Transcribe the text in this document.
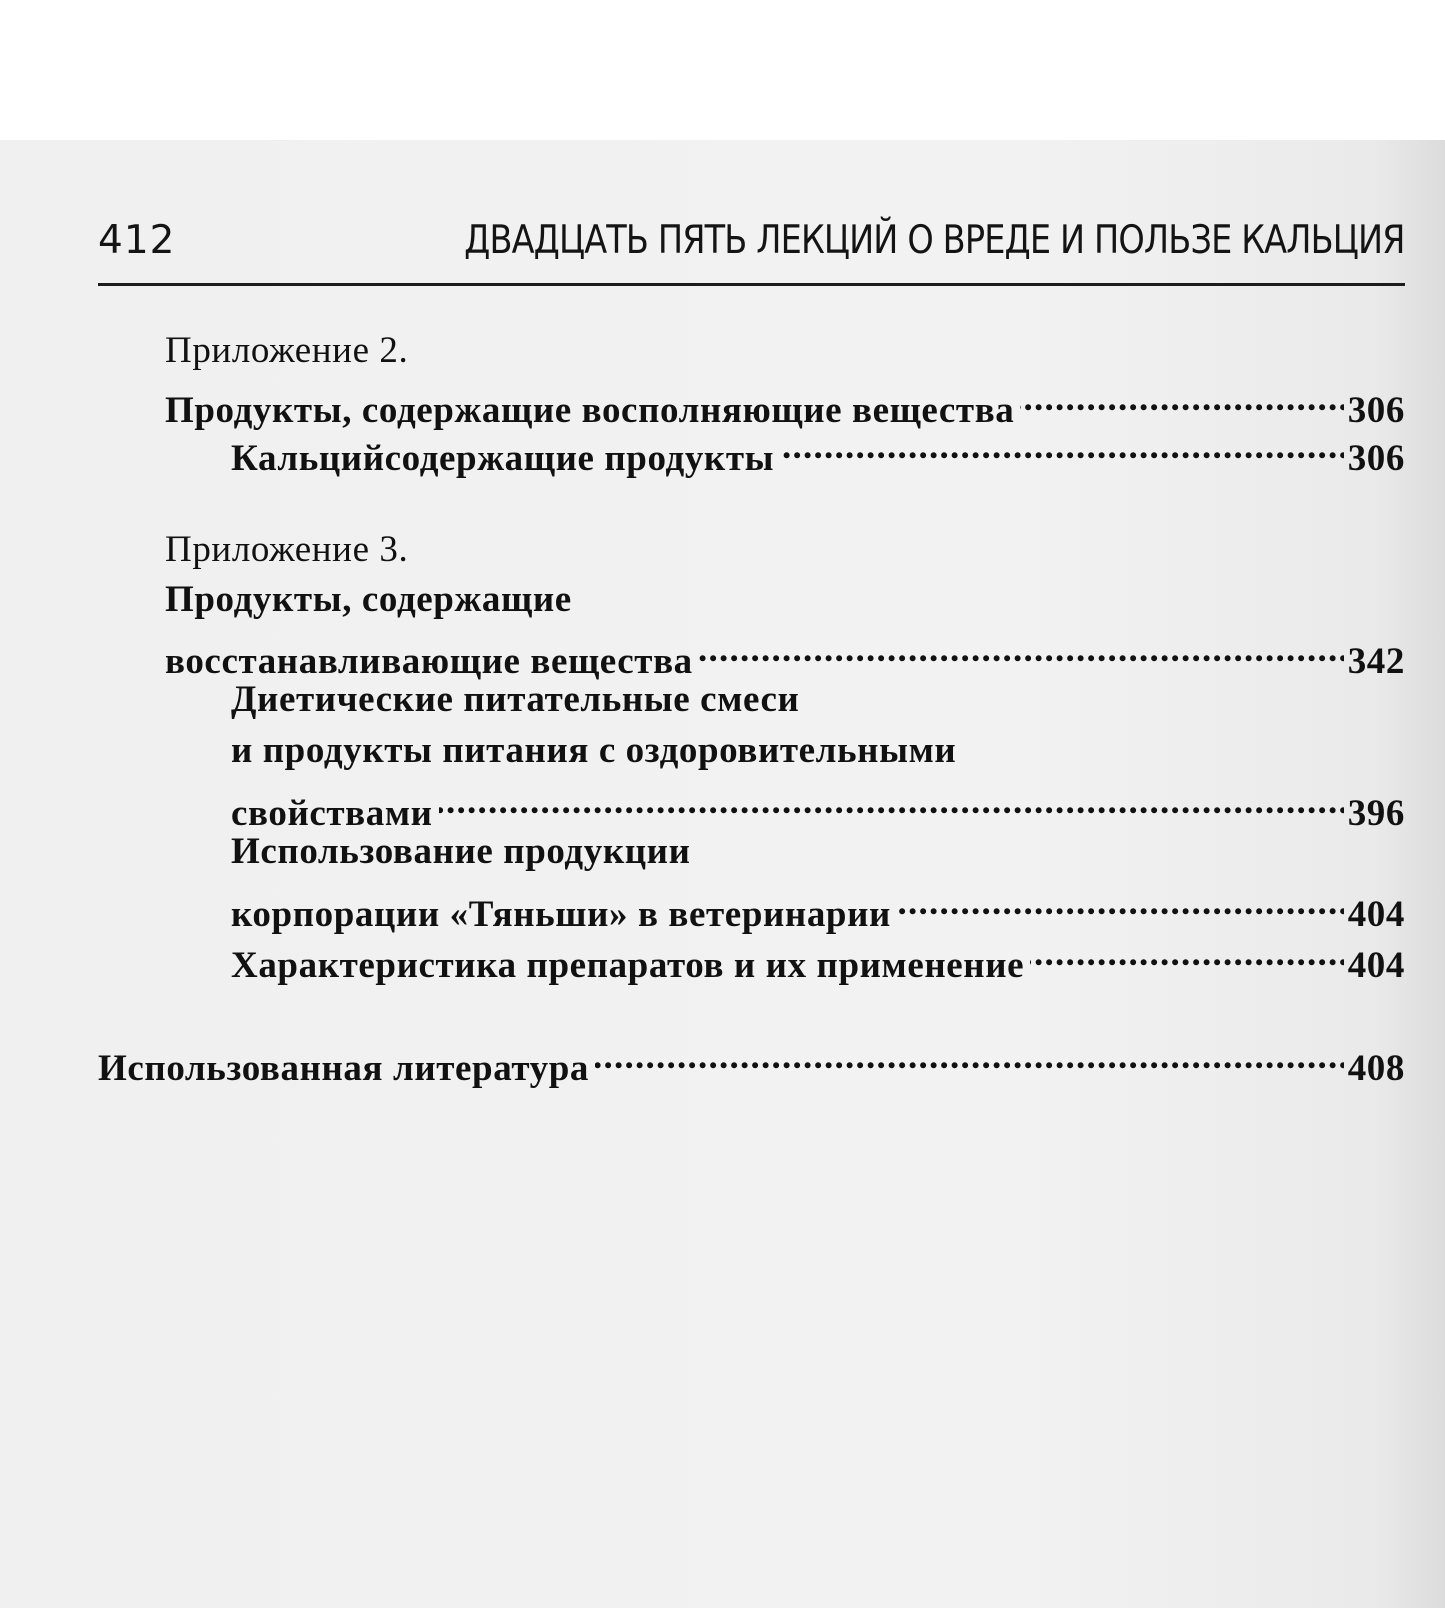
412	ДВАДЦАТЬ ПЯТЬ ЛЕКЦИЙ О ВРЕДЕ И ПОЛЬЗЕ КАЛЬЦИЯ
Приложение 2.
Продукты, содержащие восполняющие вещества . . .	306
Кальцийсодержащие продукты . . .	306
Приложение 3.
Продукты, содержащие
восстанавливающие вещества . . .	342
Диетические питательные смеси
и продукты питания с оздоровительными
свойствами . . .	396
Использование продукции
корпорации «Тяньши» в ветеринарии . . .	404
Характеристика препаратов и их применение . . .	404
Использованная литература . . .	408
